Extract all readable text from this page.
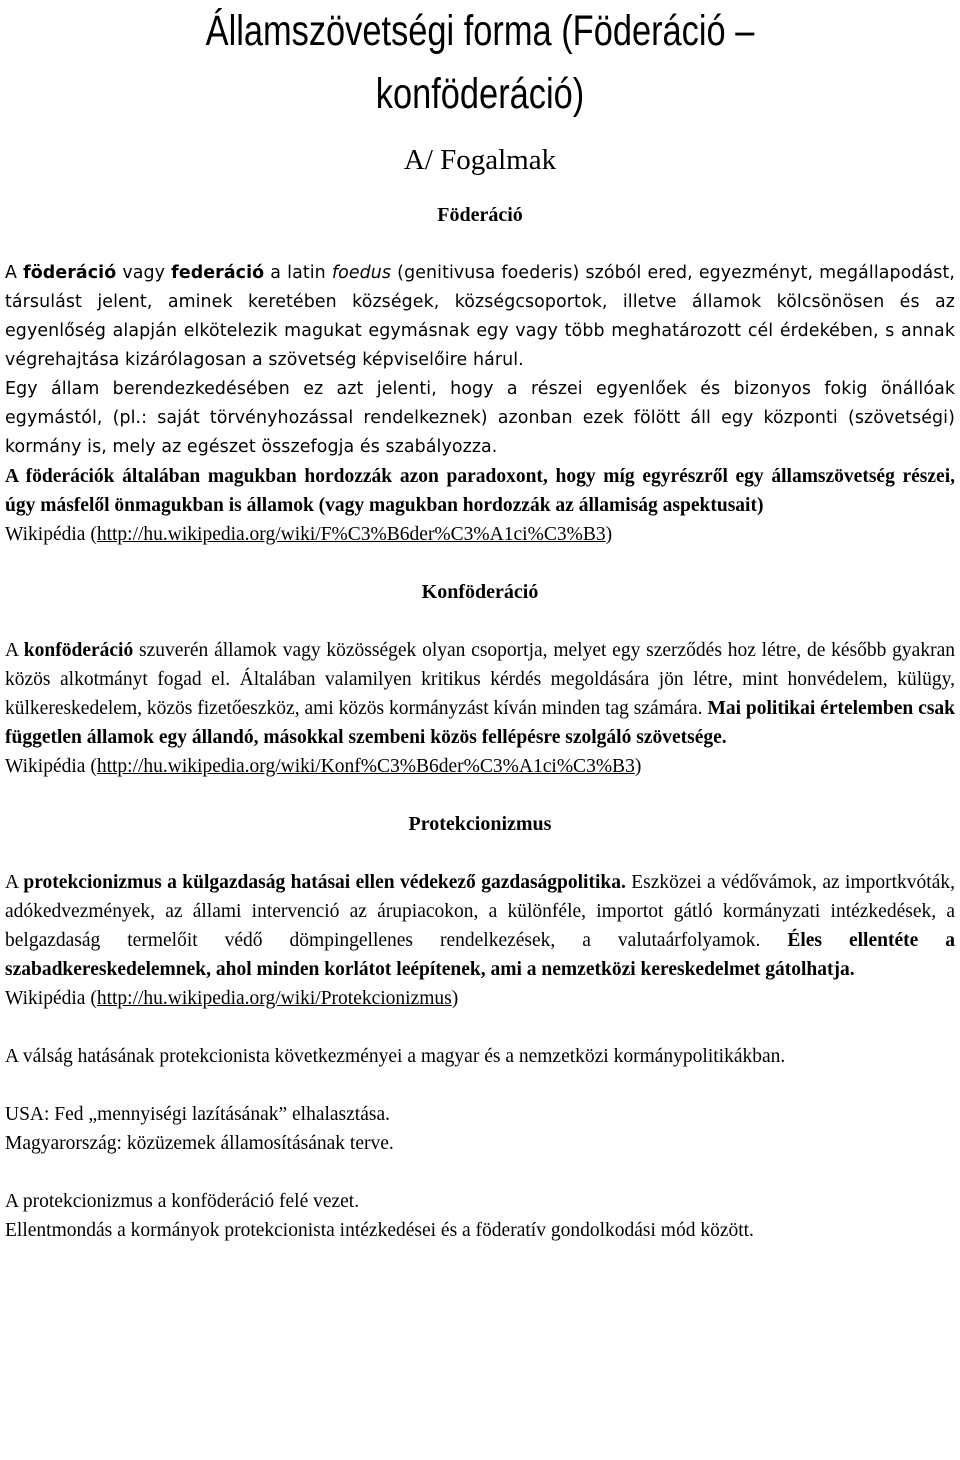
Államszövetségi forma (Föderáció –
konföderáció)
A/ Fogalmak
Föderáció

A föderáció vagy federáció a latin foedus (genitivusa foederis) szóból ered, egyezményt, megállapodást, társulást jelent, aminek keretében községek, községcsoportok, illetve államok kölcsönösen és az egyenlőség alapján elkötelezik magukat egymásnak egy vagy több meghatározott cél érdekében, s annak végrehajtása kizárólagosan a szövetség képviselőire hárul.

Egy állam berendezkedésében ez azt jelenti, hogy a részei egyenlőek és bizonyos fokig önállóak egymástól, (pl.: saját törvényhozással rendelkeznek) azonban ezek fölött áll egy központi (szövetségi) kormány is, mely az egészet összefogja és szabályozza.

A föderációk általában magukban hordozzák azon paradoxont, hogy míg egyrészről egy államszövetség részei, úgy másfelől önmagukban is államok (vagy magukban hordozzák az államiság aspektusait)

Wikipédia (http://hu.wikipedia.org/wiki/F%C3%B6der%C3%A1ci%C3%B3)

Konföderáció

A konföderáció szuverén államok vagy közösségek olyan csoportja, melyet egy szerződés hoz létre, de később gyakran közös alkotmányt fogad el. Általában valamilyen kritikus kérdés megoldására jön létre, mint honvédelem, külügy, külkereskedelem, közös fizetőeszköz, ami közös kormányzást kíván minden tag számára. Mai politikai értelemben csak független államok egy állandó, másokkal szembeni közös fellépésre szolgáló szövetsége.

Wikipédia (http://hu.wikipedia.org/wiki/Konf%C3%B6der%C3%A1ci%C3%B3)

Protekcionizmus

A protekcionizmus a külgazdaság hatásai ellen védekező gazdaságpolitika. Eszközei a védővámok, az importkvóták, adókedvezmények, az állami intervenció az árupiacokon, a különféle, importot gátló kormányzati intézkedések, a belgazdaság termelőit védő dömpingellenes rendelkezések, a valutaárfolyamok. Éles ellentéte a szabadkereskedelemnek, ahol minden korlátot leépítenek, ami a nemzetközi kereskedelmet gátolhatja.

Wikipédia (http://hu.wikipedia.org/wiki/Protekcionizmus)

A válság hatásának protekcionista következményei a magyar és a nemzetközi kormánypolitikákban.

USA: Fed „mennyiségi lazításának” elhalasztása.

Magyarország: közüzemek államosításának terve.

A protekcionizmus a konföderáció felé vezet.

Ellentmondás a kormányok protekcionista intézkedései és a föderatív gondolkodási mód között.
